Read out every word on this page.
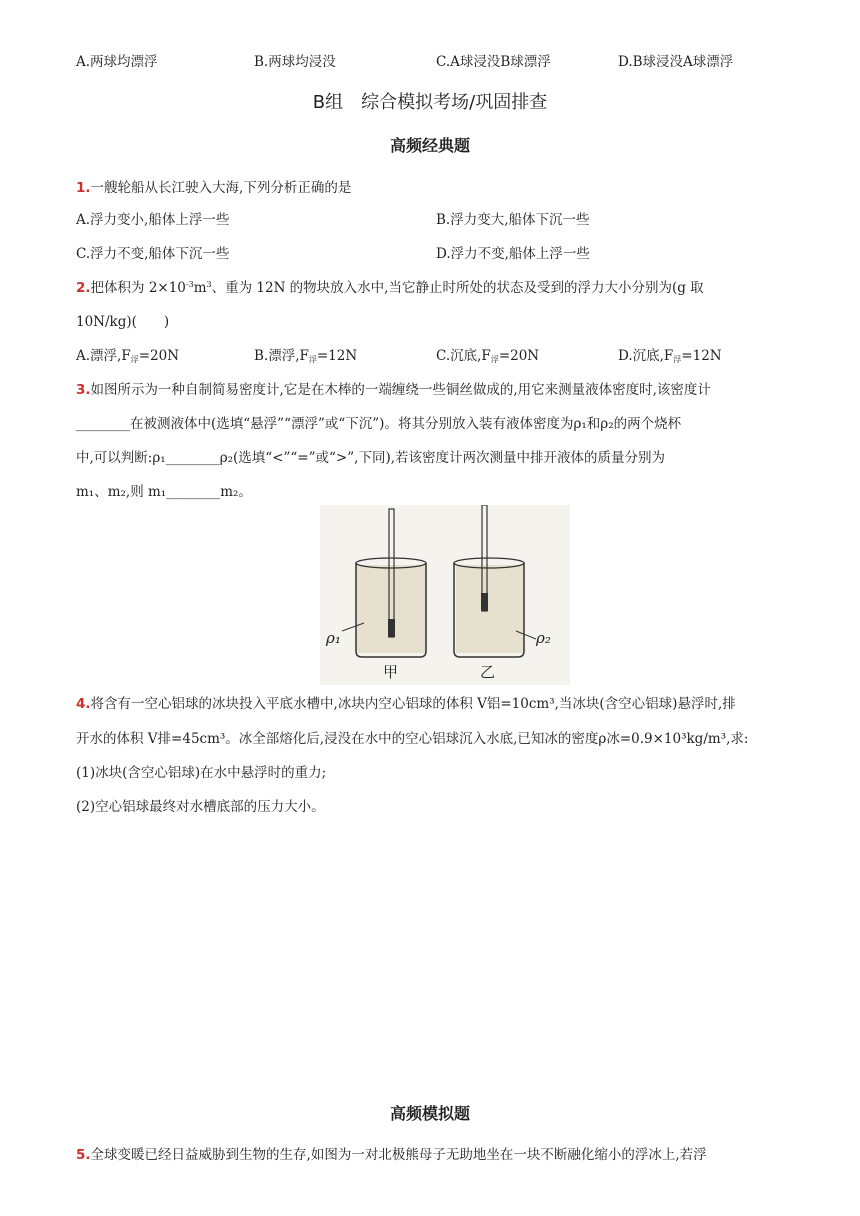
A.两球均漂浮	B.两球均浸没	C.A球浸没B球漂浮	D.B球浸没A球漂浮
B组　综合模拟考场/巩固排查
高频经典题
1.一艘轮船从长江驶入大海,下列分析正确的是
A.浮力变小,船体上浮一些	B.浮力变大,船体下沉一些
C.浮力不变,船体下沉一些	D.浮力不变,船体上浮一些
2.把体积为 $2\times 10^{-3}m^3$、重为 12N 的物块放入水中,当它静止时所处的状态及受到的浮力大小分别为(g 取
10N/kg)(　　)
A.漂浮$,F_浮=20N$	B.漂浮$,F_浮=12N$	C.沉底$,F_浮=20N$	D.沉底$,F_浮=12N$
3.如图所示为一种自制简易密度计,它是在木棒的一端缠绕一些铜丝做成的,用它来测量液体密度时,该密度计
________在被测液体中(选填“悬浮”“漂浮”或“下沉”)。将其分别放入装有液体密度为ρ₁和ρ₂的两个烧杯
中,可以判断:ρ₁________ρ₂(选填“<”“=”或“>”,下同),若该密度计两次测量中排开液体的质量分别为
m₁、m₂,则 m₁________m₂。
ρ₁	ρ₂
甲	乙
4.将含有一空心铝球的冰块投入平底水槽中,冰块内空心铝球的体积 V铝=10cm³,当冰块(含空心铝球)悬浮时,排
开水的体积 V排=45cm³。冰全部熔化后,浸没在水中的空心铝球沉入水底,已知冰的密度ρ冰=0.9×10³kg/m³,求:
(1)冰块(含空心铝球)在水中悬浮时的重力;
(2)空心铝球最终对水槽底部的压力大小。
高频模拟题
5.全球变暖已经日益威胁到生物的生存,如图为一对北极熊母子无助地坐在一块不断融化缩小的浮冰上,若浮
